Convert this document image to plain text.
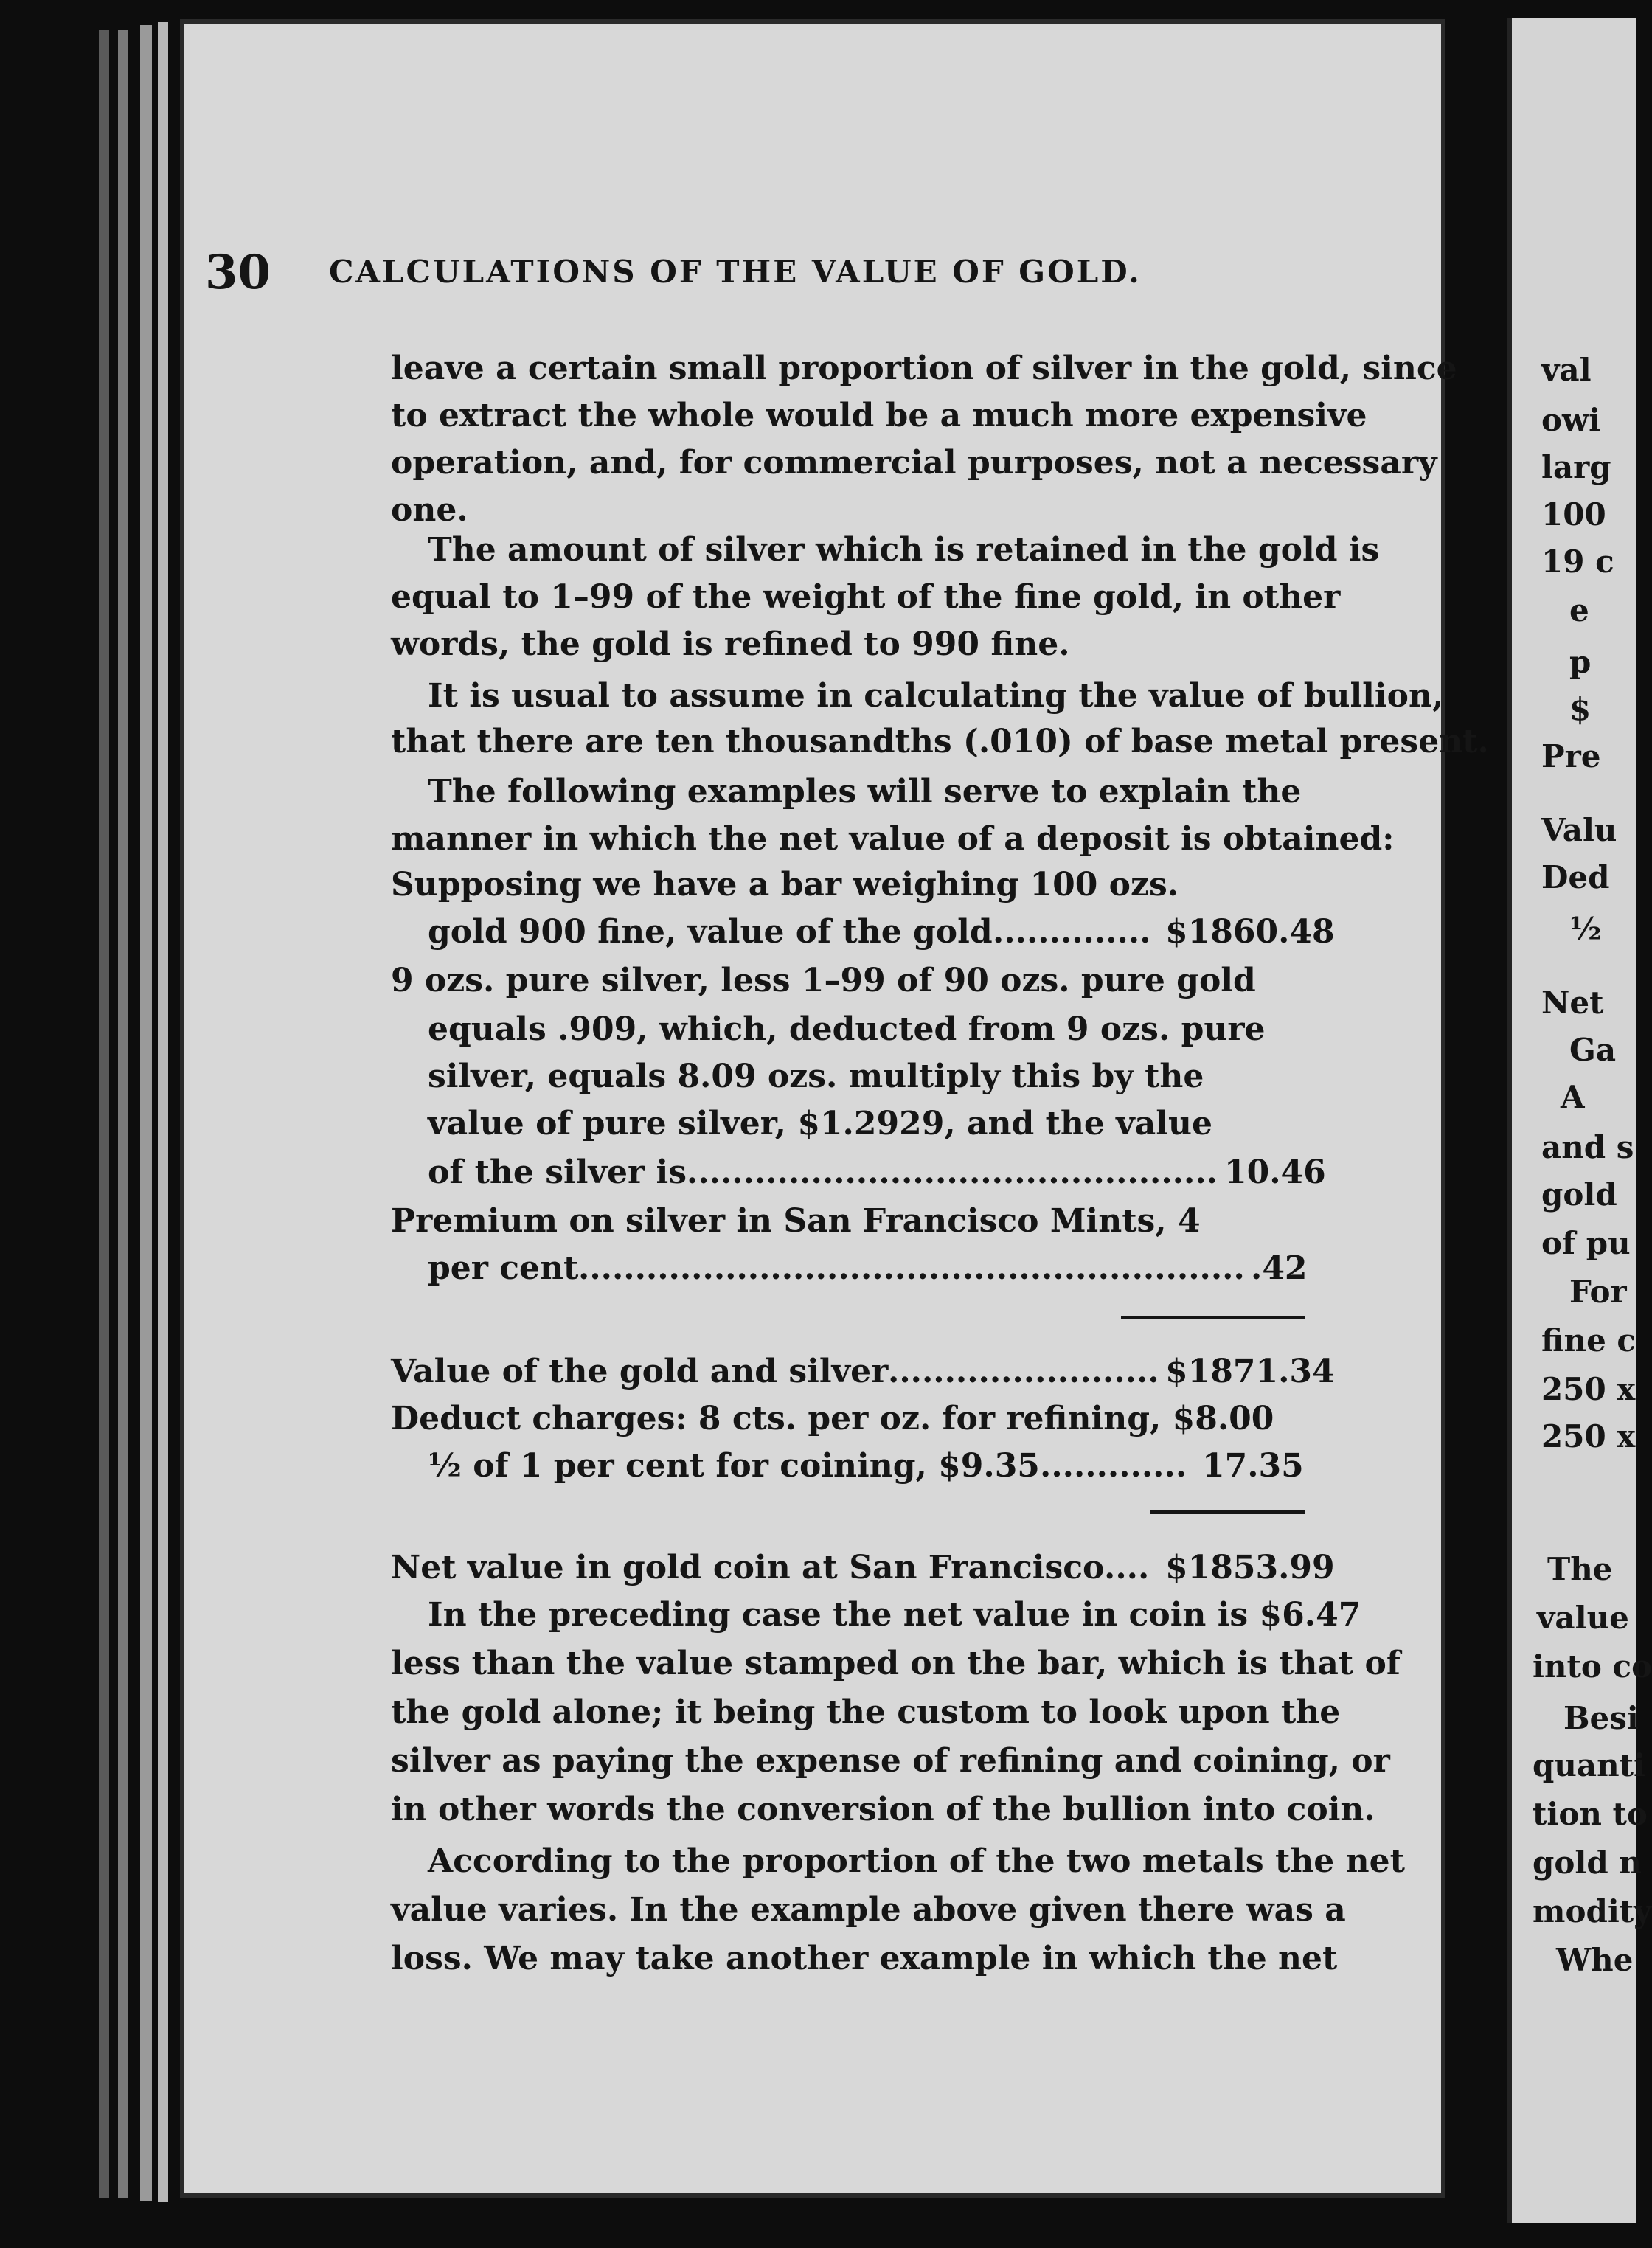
30 CALCULATIONS OF THE VALUE OF GOLD.
leave a certain small proportion of silver in the gold, since
to extract the whole would be a much more expensive
operation, and, for commercial purposes, not a necessary
one.
The amount of silver which is retained in the gold is
equal to 1–99 of the weight of the fine gold, in other
words, the gold is refined to 990 fine.
It is usual to assume in calculating the value of bullion,
that there are ten thousandths (.010) of base metal present.
The following examples will serve to explain the
manner in which the net value of a deposit is obtained:
Supposing we have a bar weighing 100 ozs.
gold 900 fine, value of the gold	$1860.48
9 ozs. pure silver, less 1–99 of 90 ozs. pure gold
equals .909, which, deducted from 9 ozs. pure
silver, equals 8.09 ozs. multiply this by the
value of pure silver, $1.2929, and the value
of the silver is	10.46
Premium on silver in San Francisco Mints, 4
per cent	.42
Value of the gold and silver	$1871.34
Deduct charges: 8 cts. per oz. for refining, $8.00
½ of 1 per cent for coining, $9.35	17.35
Net value in gold coin at San Francisco $1853.99
In the preceding case the net value in coin is $6.47
less than the value stamped on the bar, which is that of
the gold alone; it being the custom to look upon the
silver as paying the expense of refining and coining, or
in other words the conversion of the bullion into coin.
According to the proportion of the two metals the net
value varies. In the example above given there was a
loss. We may take another example in which the net
val
owi
larg
100
19 c
e
p
$
Pre
Valu
Ded
½
Net
Ga
A
and s
gold
of pu
For
fine c
250 x
250 x
The
value
into co
Besi
quanti
tion to
gold n
modity
Whe
..............
...............................................
...........................................................
........................
.............
....
